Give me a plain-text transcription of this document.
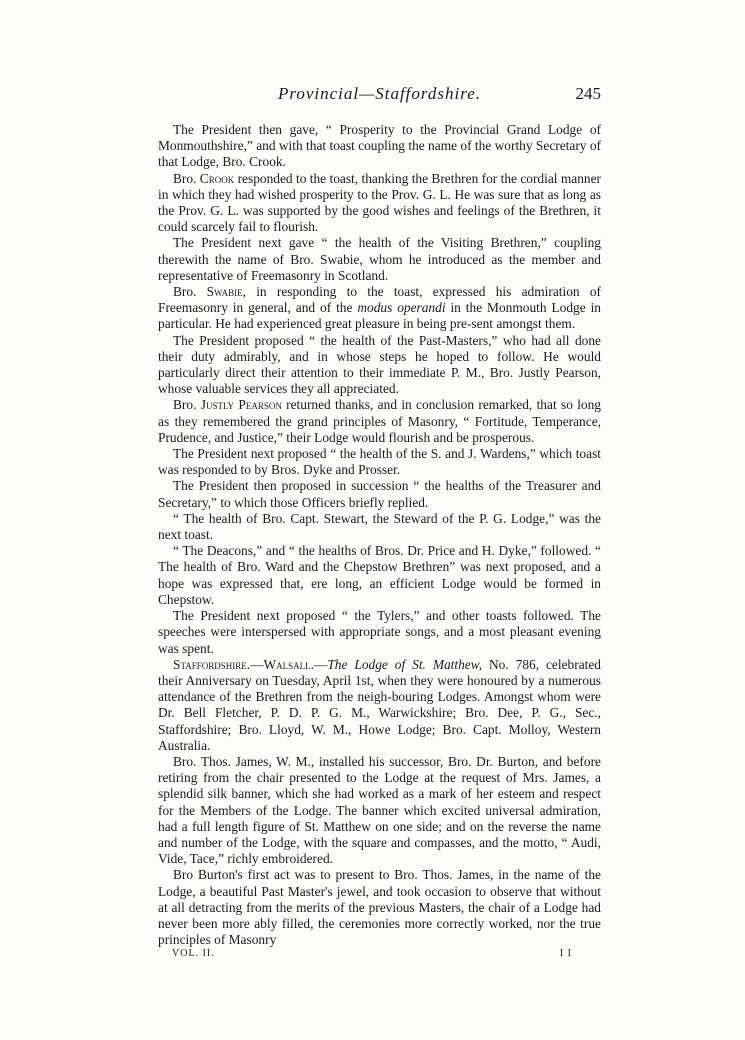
Provincial—Staffordshire.	245

The President then gave, “ Prosperity to the Provincial Grand Lodge of Monmouthshire,” and with that toast coupling the name of the worthy Secretary of that Lodge, Bro. Crook.

Bro. Crook responded to the toast, thanking the Brethren for the cordial manner in which they had wished prosperity to the Prov. G. L. He was sure that as long as the Prov. G. L. was supported by the good wishes and feelings of the Brethren, it could scarcely fail to flourish.

The President next gave “ the health of the Visiting Brethren,” coupling therewith the name of Bro. Swabie, whom he introduced as the member and representative of Freemasonry in Scotland.

Bro. Swabie, in responding to the toast, expressed his admiration of Freemasonry in general, and of the modus operandi in the Monmouth Lodge in particular. He had experienced great pleasure in being pre-sent amongst them.

The President proposed “ the health of the Past-Masters,” who had all done their duty admirably, and in whose steps he hoped to follow. He would particularly direct their attention to their immediate P. M., Bro. Justly Pearson, whose valuable services they all appreciated.

Bro. Justly Pearson returned thanks, and in conclusion remarked, that so long as they remembered the grand principles of Masonry, “ Fortitude, Temperance, Prudence, and Justice,” their Lodge would flourish and be prosperous.

The President next proposed “ the health of the S. and J. Wardens,” which toast was responded to by Bros. Dyke and Prosser.

The President then proposed in succession “ the healths of the Treasurer and Secretary,” to which those Officers briefly replied.

“ The health of Bro. Capt. Stewart, the Steward of the P. G. Lodge,” was the next toast.

“ The Deacons,” and “ the healths of Bros. Dr. Price and H. Dyke,” followed. “ The health of Bro. Ward and the Chepstow Brethren” was next proposed, and a hope was expressed that, ere long, an efficient Lodge would be formed in Chepstow.

The President next proposed “ the Tylers,” and other toasts followed. The speeches were interspersed with appropriate songs, and a most pleasant evening was spent.

Staffordshire.—Walsall.—The Lodge of St. Matthew, No. 786, celebrated their Anniversary on Tuesday, April 1st, when they were honoured by a numerous attendance of the Brethren from the neigh-bouring Lodges. Amongst whom were Dr. Bell Fletcher, P. D. P. G. M., Warwickshire; Bro. Dee, P. G., Sec., Staffordshire; Bro. Lloyd, W. M., Howe Lodge; Bro. Capt. Molloy, Western Australia.

Bro. Thos. James, W. M., installed his successor, Bro. Dr. Burton, and before retiring from the chair presented to the Lodge at the request of Mrs. James, a splendid silk banner, which she had worked as a mark of her esteem and respect for the Members of the Lodge. The banner which excited universal admiration, had a full length figure of St. Matthew on one side; and on the reverse the name and number of the Lodge, with the square and compasses, and the motto, “ Audi, Vide, Tace,” richly embroidered.

Bro Burton's first act was to present to Bro. Thos. James, in the name of the Lodge, a beautiful Past Master's jewel, and took occasion to observe that without at all detracting from the merits of the previous Masters, the chair of a Lodge had never been more ably filled, the ceremonies more correctly worked, nor the true principles of Masonry

VOL. II.	I I
